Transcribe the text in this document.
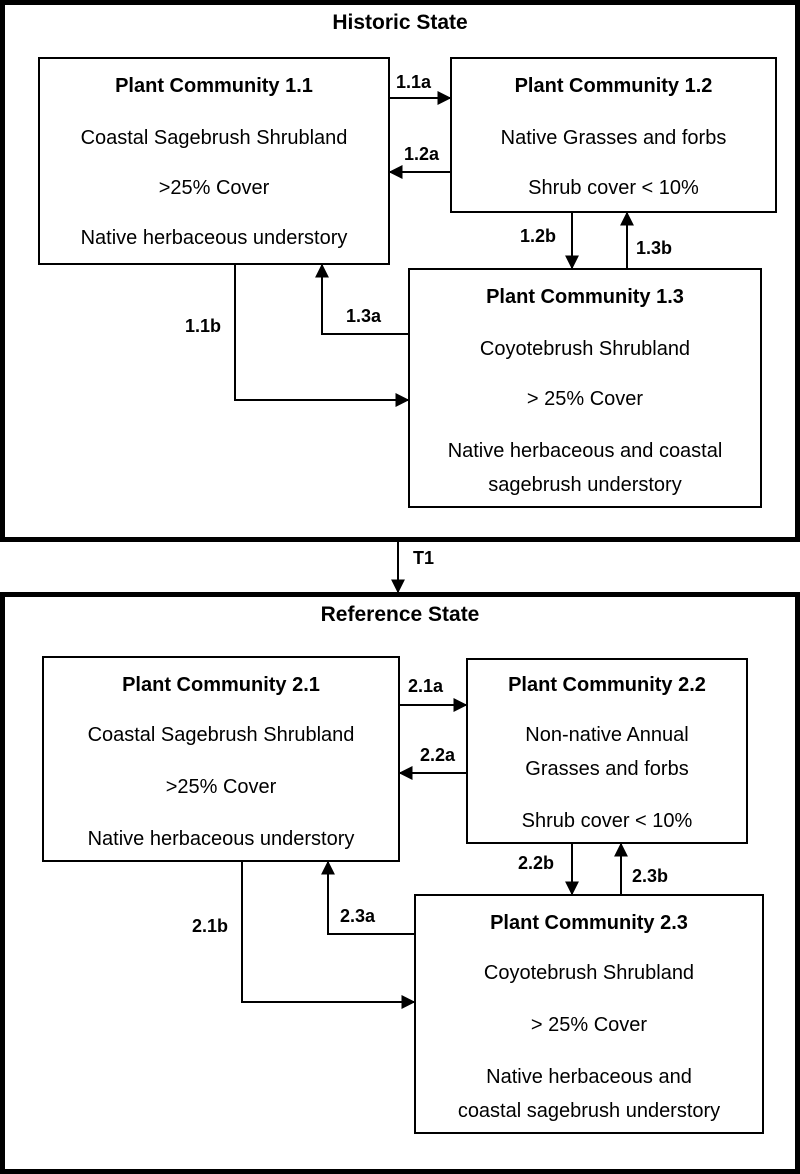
Historic State
Reference State
Plant Community 1.1
Coastal Sagebrush Shrubland
>25% Cover
Native herbaceous understory
Plant Community 1.2
Native Grasses and forbs
Shrub cover < 10%
Plant Community 1.3
Coyotebrush Shrubland
> 25% Cover
Native herbaceous and coastal
sagebrush understory
Plant Community 2.1
Coastal Sagebrush Shrubland
>25% Cover
Native herbaceous understory
Plant Community 2.2
Non-native Annual
Grasses and forbs
Shrub cover < 10%
Plant Community 2.3
Coyotebrush Shrubland
> 25% Cover
Native herbaceous and
coastal sagebrush understory
1.1a
1.2a
1.2b
1.3b
1.3a
1.1b
T1
2.1a
2.2a
2.2b
2.3b
2.3a
2.1b
